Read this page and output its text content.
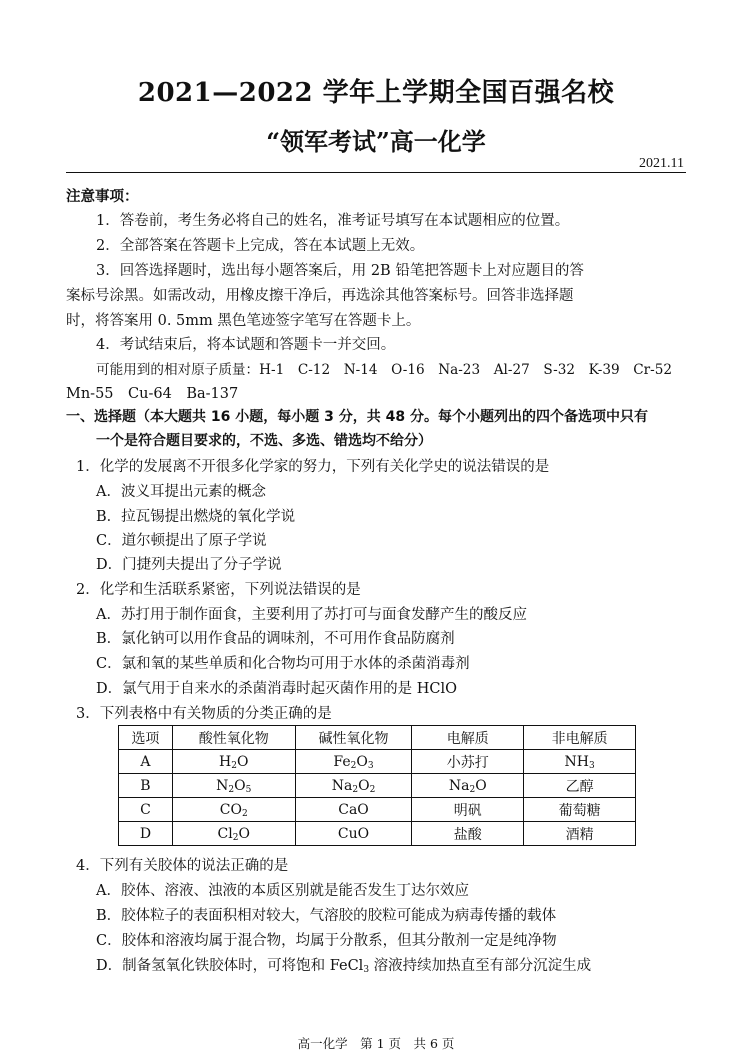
2021—2022 学年上学期全国百强名校
“领军考试”高一化学
2021.11
注意事项：
1．答卷前，考生务必将自己的姓名，准考证号填写在本试题相应的位置。
2．全部答案在答题卡上完成，答在本试题上无效。
3．回答选择题时，选出每小题答案后，用 2B 铅笔把答题卡上对应题目的答
案标号涂黑。如需改动，用橡皮擦干净后，再选涂其他答案标号。回答非选择题
时，将答案用 0. 5mm 黑色笔迹签字笔写在答题卡上。
4．考试结束后，将本试题和答题卡一并交回。
可能用到的相对原子质量：H-1　C-12　N-14　O-16　Na-23　Al-27　S-32　K-39　Cr-52
Mn-55　Cu-64　Ba-137
一、选择题（本大题共 16 小题，每小题 3 分，共 48 分。每个小题列出的四个备选项中只有
一个是符合题目要求的，不选、多选、错选均不给分）
1．化学的发展离不开很多化学家的努力，下列有关化学史的说法错误的是
A．波义耳提出元素的概念
B．拉瓦锡提出燃烧的氧化学说
C．道尔顿提出了原子学说
D．门捷列夫提出了分子学说
2．化学和生活联系紧密，下列说法错误的是
A．苏打用于制作面食，主要利用了苏打可与面食发酵产生的酸反应
B．氯化钠可以用作食品的调味剂，不可用作食品防腐剂
C．氯和氧的某些单质和化合物均可用于水体的杀菌消毒剂
D．氯气用于自来水的杀菌消毒时起灭菌作用的是 HClO
3．下列表格中有关物质的分类正确的是
选项	酸性氧化物	碱性氧化物	电解质	非电解质
A	$H_2O$	$Fe_2O_3$	小苏打	$NH_3$
B	$N_2O_5$	$Na_2O_2$	$Na_2O$	乙醇
C	$CO_2$	CaO	明矾	葡萄糖
D	$Cl_2O$	CuO	盐酸	酒精
4．下列有关胶体的说法正确的是
A．胶体、溶液、浊液的本质区别就是能否发生丁达尔效应
B．胶体粒子的表面积相对较大，气溶胶的胶粒可能成为病毒传播的载体
C．胶体和溶液均属于混合物，均属于分散系，但其分散剂一定是纯净物
D．制备氢氧化铁胶体时，可将饱和 FeCl$_3$ 溶液持续加热直至有部分沉淀生成
高一化学　第 1 页　共 6 页
